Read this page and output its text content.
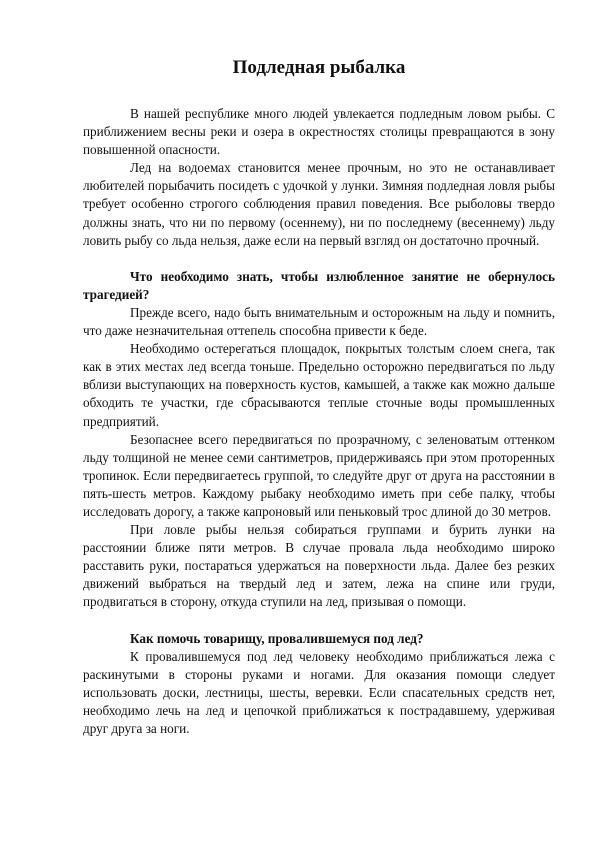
Подледная рыбалка

В нашей республике много людей увлекается подледным ловом рыбы. С приближением весны реки и озера в окрестностях столицы превращаются в зону повышенной опасности.

Лед на водоемах становится менее прочным, но это не останавливает любителей порыбачить посидеть с удочкой у лунки. Зимняя подледная ловля рыбы требует особенно строгого соблюдения правил поведения. Все рыболовы твердо должны знать, что ни по первому (осеннему), ни по последнему (весеннему) льду ловить рыбу со льда нельзя, даже если на первый взгляд он достаточно прочный.

Что необходимо знать, чтобы излюбленное занятие не обернулось трагедией?

Прежде всего, надо быть внимательным и осторожным на льду и помнить, что даже незначительная оттепель способна привести к беде.

Необходимо остерегаться площадок, покрытых толстым слоем снега, так как в этих местах лед всегда тоньше. Предельно осторожно передвигаться по льду вблизи выступающих на поверхность кустов, камышей, а также как можно дальше обходить те участки, где сбрасываются теплые сточные воды промышленных предприятий.

Безопаснее всего передвигаться по прозрачному, с зеленоватым оттенком льду толщиной не менее семи сантиметров, придерживаясь при этом проторенных тропинок. Если передвигаетесь группой, то следуйте друг от друга на расстоянии в пять-шесть метров. Каждому рыбаку необходимо иметь при себе палку, чтобы исследовать дорогу, а также капроновый или пеньковый трос длиной до 30 метров.

При ловле рыбы нельзя собираться группами и бурить лунки на расстоянии ближе пяти метров. В случае провала льда необходимо широко расставить руки, постараться удержаться на поверхности льда. Далее без резких движений выбраться на твердый лед и затем, лежа на спине или груди, продвигаться в сторону, откуда ступили на лед, призывая о помощи.

Как помочь товарищу, провалившемуся под лед?

К провалившемуся под лед человеку необходимо приближаться лежа с раскинутыми в стороны руками и ногами. Для оказания помощи следует использовать доски, лестницы, шесты, веревки. Если спасательных средств нет, необходимо лечь на лед и цепочкой приближаться к пострадавшему, удерживая друг друга за ноги.
